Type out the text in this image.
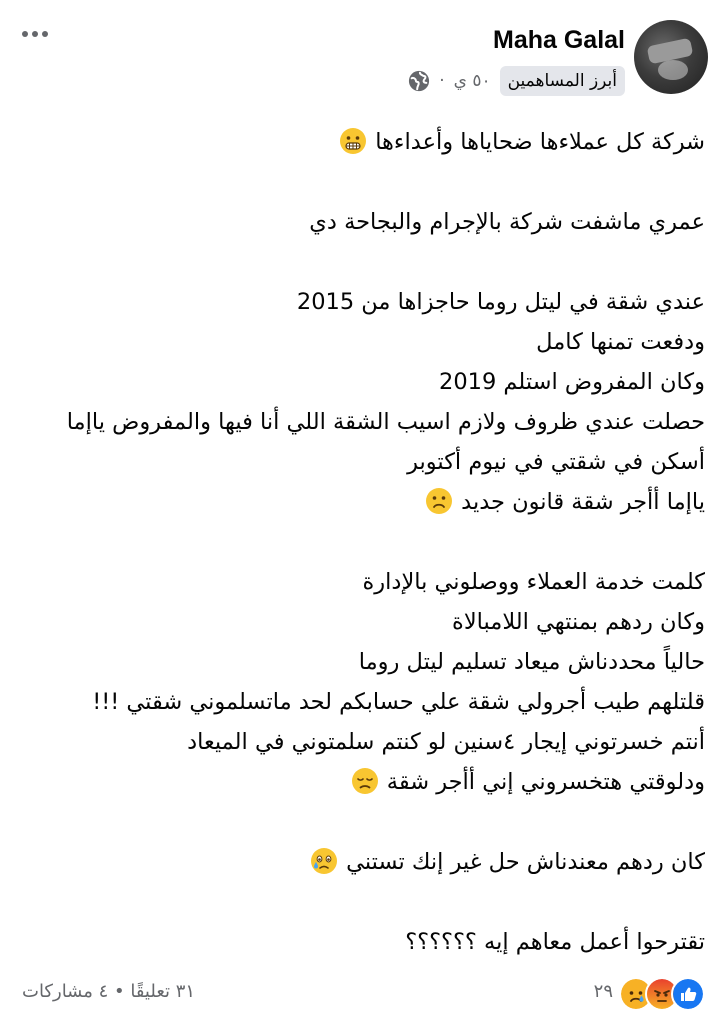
Maha Galal
أبرز المساهمين
٥٠ ي
·
شركة كل عملاءها ضحاياها وأعداءها
عمري ماشفت شركة بالإجرام والبجاحة دي
عندي شقة في ليتل روما حاجزاها من 2015
ودفعت تمنها كامل
وكان المفروض استلم 2019
حصلت عندي ظروف ولازم اسيب الشقة اللي أنا فيها والمفروض ياإما
أسكن في شقتي في نيوم أكتوبر
ياإما أأجر شقة قانون جديد
كلمت خدمة العملاء ووصلوني بالإدارة
وكان ردهم بمنتهي اللامبالاة
حالياً محددناش ميعاد تسليم ليتل روما
قلتلهم طيب أجرولي شقة علي حسابكم لحد ماتسلموني شقتي !!!
أنتم خسرتوني إيجار ٤سنين لو كنتم سلمتوني في الميعاد
ودلوقتي هتخسروني إني أأجر شقة
كان ردهم معندناش حل غير إنك تستني
تقترحوا أعمل معاهم إيه ؟؟؟؟؟؟
٢٩
٣١ تعليقًا • ٤ مشاركات
